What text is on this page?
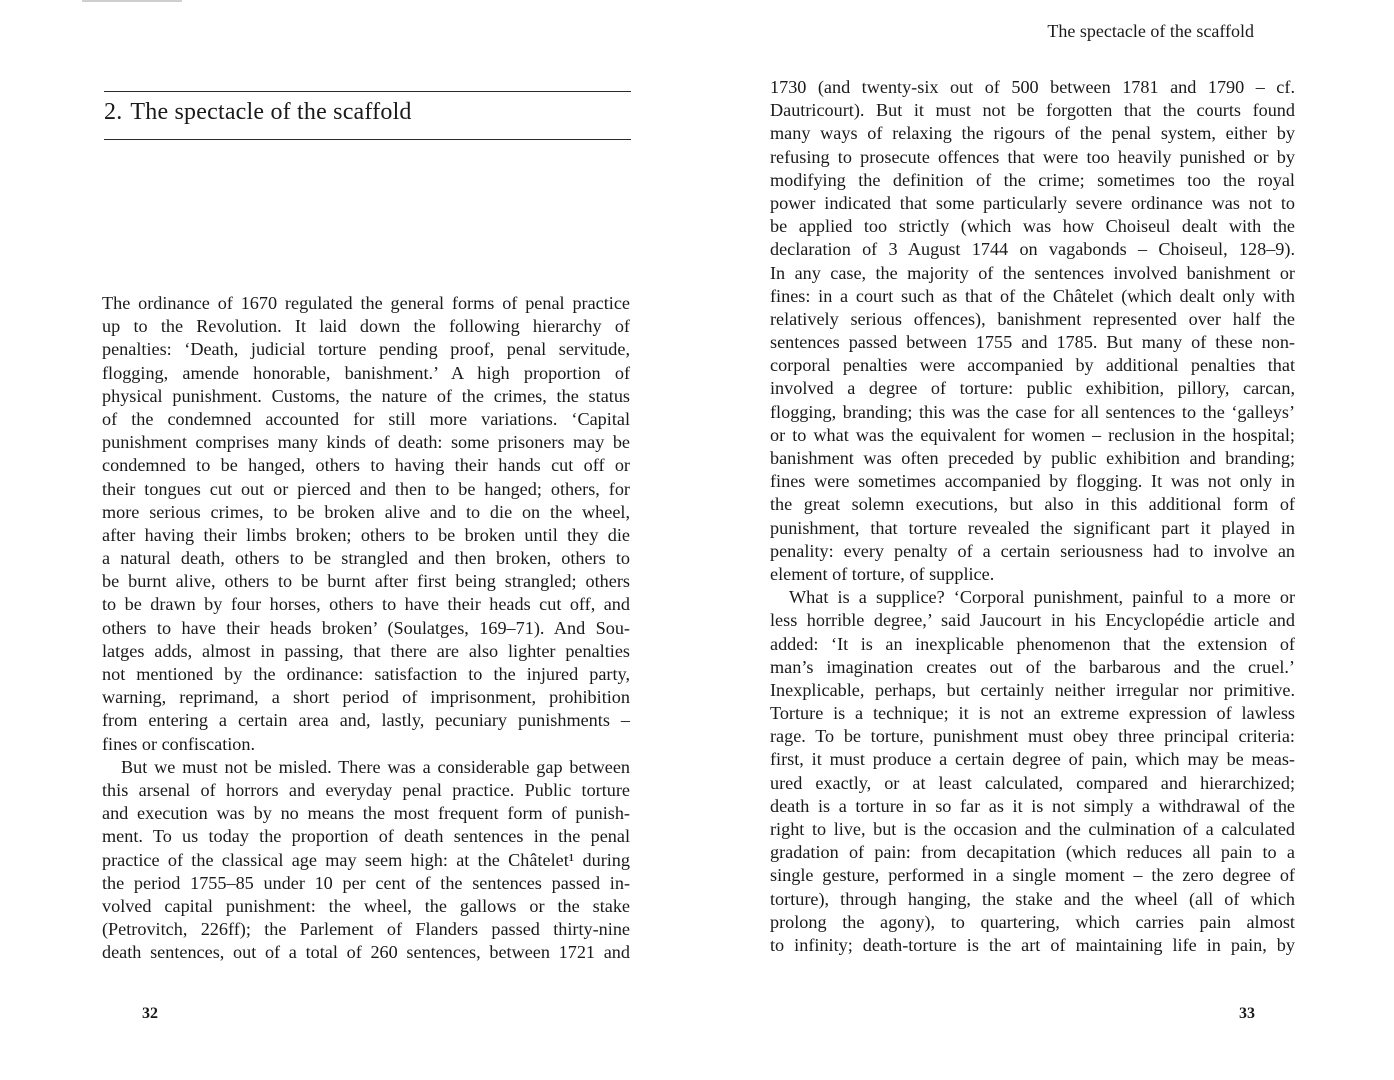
2. The spectacle of the scaffold
The ordinance of 1670 regulated the general forms of penal practice
up to the Revolution. It laid down the following hierarchy of
penalties: ‘Death, judicial torture pending proof, penal servitude,
flogging, amende honorable, banishment.’ A high proportion of
physical punishment. Customs, the nature of the crimes, the status
of the condemned accounted for still more variations. ‘Capital
punishment comprises many kinds of death: some prisoners may be
condemned to be hanged, others to having their hands cut off or
their tongues cut out or pierced and then to be hanged; others, for
more serious crimes, to be broken alive and to die on the wheel,
after having their limbs broken; others to be broken until they die
a natural death, others to be strangled and then broken, others to
be burnt alive, others to be burnt after first being strangled; others
to be drawn by four horses, others to have their heads cut off, and
others to have their heads broken’ (Soulatges, 169–71). And Sou-
latges adds, almost in passing, that there are also lighter penalties
not mentioned by the ordinance: satisfaction to the injured party,
warning, reprimand, a short period of imprisonment, prohibition
from entering a certain area and, lastly, pecuniary punishments –
fines or confiscation.
But we must not be misled. There was a considerable gap between
this arsenal of horrors and everyday penal practice. Public torture
and execution was by no means the most frequent form of punish-
ment. To us today the proportion of death sentences in the penal
practice of the classical age may seem high: at the Châtelet¹ during
the period 1755–85 under 10 per cent of the sentences passed in-
volved capital punishment: the wheel, the gallows or the stake
(Petrovitch, 226ff); the Parlement of Flanders passed thirty-nine
death sentences, out of a total of 260 sentences, between 1721 and
32
The spectacle of the scaffold
1730 (and twenty-six out of 500 between 1781 and 1790 – cf.
Dautricourt). But it must not be forgotten that the courts found
many ways of relaxing the rigours of the penal system, either by
refusing to prosecute offences that were too heavily punished or by
modifying the definition of the crime; sometimes too the royal
power indicated that some particularly severe ordinance was not to
be applied too strictly (which was how Choiseul dealt with the
declaration of 3 August 1744 on vagabonds – Choiseul, 128–9).
In any case, the majority of the sentences involved banishment or
fines: in a court such as that of the Châtelet (which dealt only with
relatively serious offences), banishment represented over half the
sentences passed between 1755 and 1785. But many of these non-
corporal penalties were accompanied by additional penalties that
involved a degree of torture: public exhibition, pillory, carcan,
flogging, branding; this was the case for all sentences to the ‘galleys’
or to what was the equivalent for women – reclusion in the hospital;
banishment was often preceded by public exhibition and branding;
fines were sometimes accompanied by flogging. It was not only in
the great solemn executions, but also in this additional form of
punishment, that torture revealed the significant part it played in
penality: every penalty of a certain seriousness had to involve an
element of torture, of supplice.
What is a supplice? ‘Corporal punishment, painful to a more or
less horrible degree,’ said Jaucourt in his Encyclopédie article and
added: ‘It is an inexplicable phenomenon that the extension of
man’s imagination creates out of the barbarous and the cruel.’
Inexplicable, perhaps, but certainly neither irregular nor primitive.
Torture is a technique; it is not an extreme expression of lawless
rage. To be torture, punishment must obey three principal criteria:
first, it must produce a certain degree of pain, which may be meas-
ured exactly, or at least calculated, compared and hierarchized;
death is a torture in so far as it is not simply a withdrawal of the
right to live, but is the occasion and the culmination of a calculated
gradation of pain: from decapitation (which reduces all pain to a
single gesture, performed in a single moment – the zero degree of
torture), through hanging, the stake and the wheel (all of which
prolong the agony), to quartering, which carries pain almost
to infinity; death-torture is the art of maintaining life in pain, by
33
